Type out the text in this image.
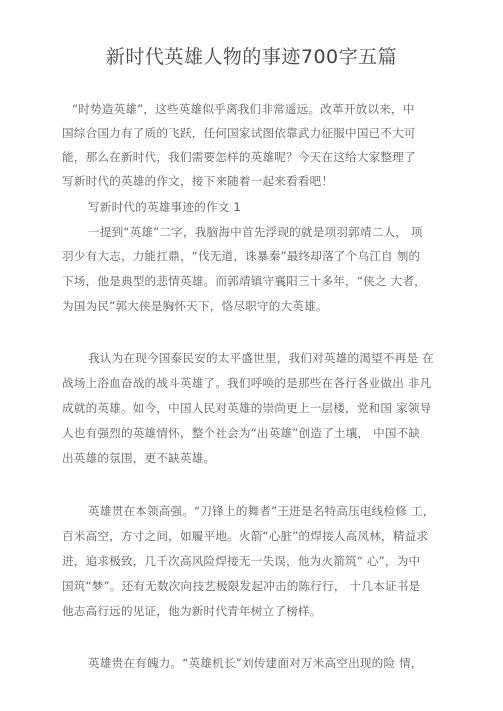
新时代英雄人物的事迹700字五篇
“时势造英雄”，这些英雄似乎离我们非常遥远。改革开放以来，中
国综合国力有了质的飞跃，任何国家试图依靠武力征服中国已不大可
能，那么在新时代，我们需要怎样的英雄呢？今天在这给大家整理了
写新时代的英雄的作文，接下来随着一起来看看吧！
写新时代的英雄事迹的作文 1
一提到“英雄”二字，我脑海中首先浮现的就是项羽郭靖二人， 项
羽少有大志，力能扛鼎，“伐无道，诛暴秦”最终却落了个乌江自 刎的
下场，他是典型的悲情英雄。而郭靖镇守襄阳三十多年，“侠之 大者，
为国为民”郭大侠是胸怀天下，恪尽职守的大英雄。
我认为在现今国泰民安的太平盛世里，我们对英雄的渴望不再是 在
战场上浴血奋战的战斗英雄了。我们呼唤的是那些在各行各业做出 非凡
成就的英雄。如今，中国人民对英雄的崇尚更上一层楼，党和国 家领导
人也有强烈的英雄情怀，整个社会为“出英雄”创造了土壤， 中国不缺
出英雄的氛围，更不缺英雄。
英雄贯在本领高强。“刀锋上的舞者”王进是名特高压电线检修 工，
百米高空，方寸之间，如履平地。火箭“心脏”的焊接人高凤林，精益求
进，追求极致，几千次高风险焊接无一失误，他为火箭筑“ 心”，为中
国筑“梦”。还有无数次向技艺极限发起冲击的陈行行， 十几本证书是
他志高行远的见证，他为新时代青年树立了榜样。
英雄贵在有魄力。“英雄机长”刘传建面对万米高空出现的险 情，
